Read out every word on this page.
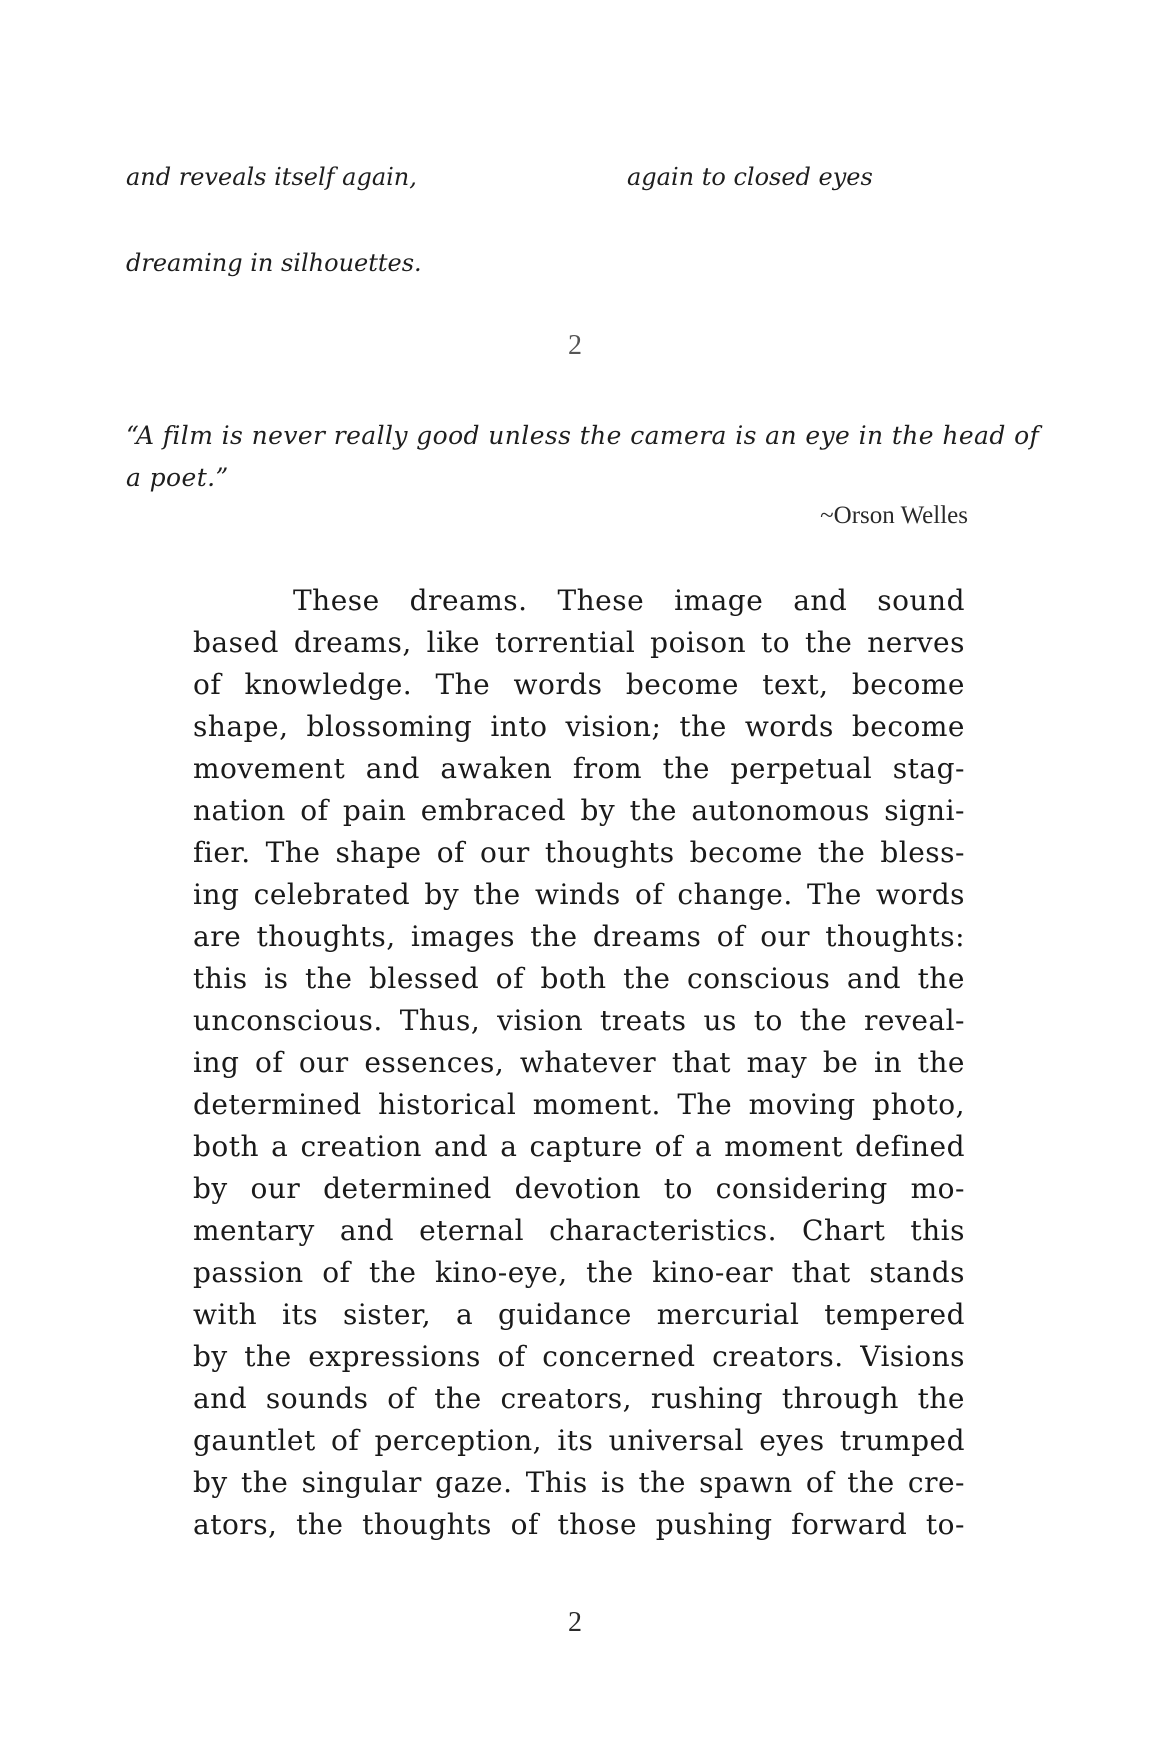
and reveals itself again,	again to closed eyes
dreaming in silhouettes.
2
“A film is never really good unless the camera is an eye in the head of a poet.”
~Orson Welles
These dreams. These image and sound
based dreams, like torrential poison to the nerves
of knowledge. The words become text, become
shape, blossoming into vision; the words become
movement and awaken from the perpetual stag-
nation of pain embraced by the autonomous signi-
fier. The shape of our thoughts become the bless-
ing celebrated by the winds of change. The words
are thoughts, images the dreams of our thoughts:
this is the blessed of both the conscious and the
unconscious. Thus, vision treats us to the reveal-
ing of our essences, whatever that may be in the
determined historical moment. The moving photo,
both a creation and a capture of a moment defined
by our determined devotion to considering mo-
mentary and eternal characteristics. Chart this
passion of the kino-eye, the kino-ear that stands
with its sister, a guidance mercurial tempered
by the expressions of concerned creators. Visions
and sounds of the creators, rushing through the
gauntlet of perception, its universal eyes trumped
by the singular gaze. This is the spawn of the cre-
ators, the thoughts of those pushing forward to-
2
